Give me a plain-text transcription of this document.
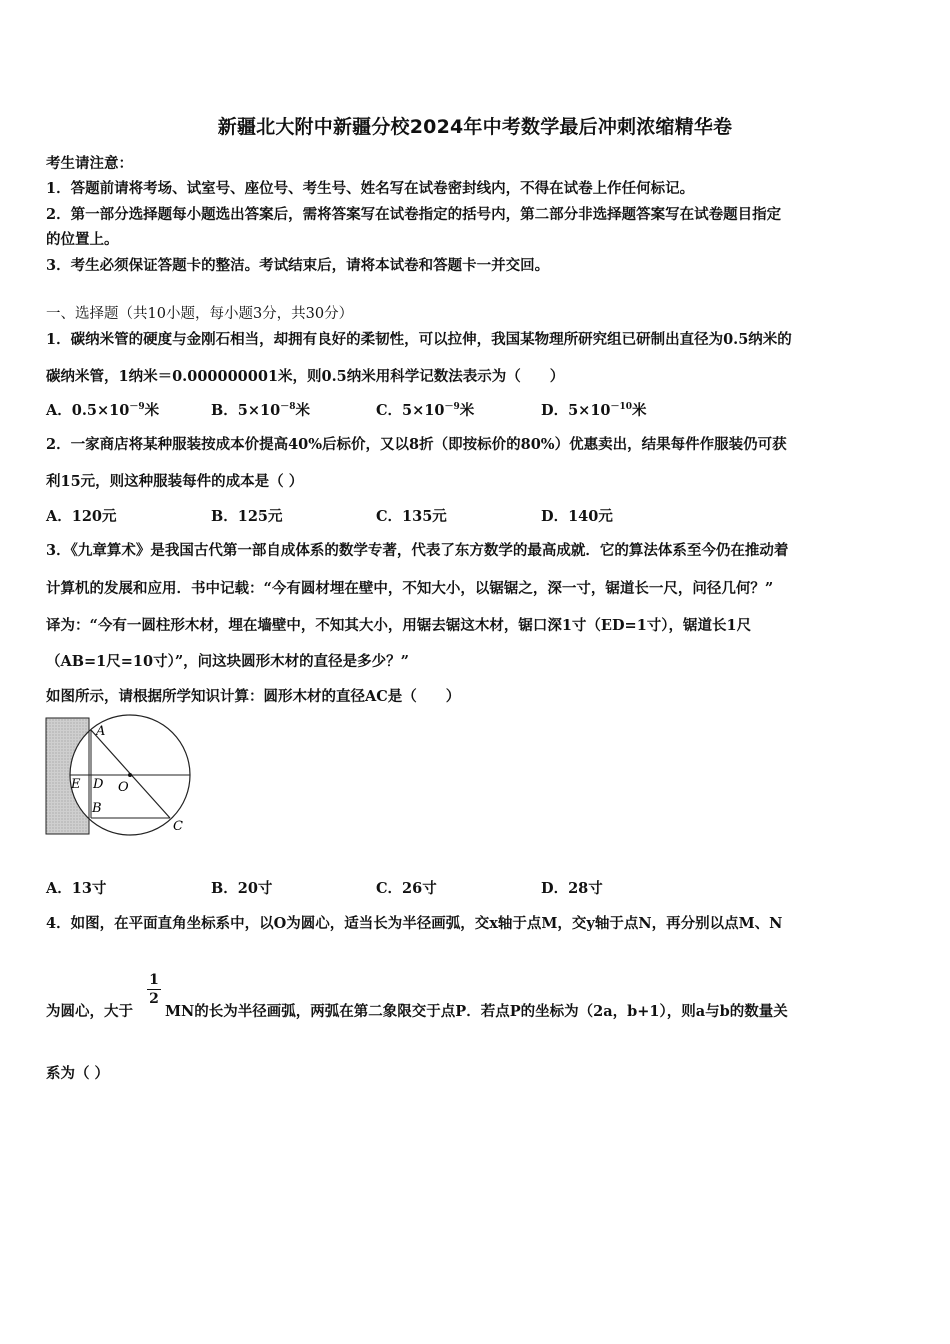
新疆北大附中新疆分校2024年中考数学最后冲刺浓缩精华卷
考生请注意：
1．答题前请将考场、试室号、座位号、考生号、姓名写在试卷密封线内，不得在试卷上作任何标记。
2．第一部分选择题每小题选出答案后，需将答案写在试卷指定的括号内，第二部分非选择题答案写在试卷题目指定
的位置上。
3．考生必须保证答题卡的整洁。考试结束后，请将本试卷和答题卡一并交回。
一、选择题（共10小题，每小题3分，共30分）
1．碳纳米管的硬度与金刚石相当，却拥有良好的柔韧性，可以拉伸，我国某物理所研究组已研制出直径为0.5纳米的
碳纳米管，1纳米＝0.000000001米，则0.5纳米用科学记数法表示为（　　）
A．$0.5\times 10^{-9}$米	B．$5\times 10^{-8}$米	C．$5\times 10^{-9}$米	D．$5\times 10^{-10}$米
2．一家商店将某种服装按成本价提高40%后标价，又以8折（即按标价的80%）优惠卖出，结果每件作服装仍可获
利15元，则这种服装每件的成本是（ ）
A．120元	B．125元	C．135元	D．140元
3．《九章算术》是我国古代第一部自成体系的数学专著，代表了东方数学的最高成就．它的算法体系至今仍在推动着
计算机的发展和应用．书中记载：“今有圆材埋在壁中，不知大小，以锯锯之，深一寸，锯道长一尺，问径几何？”
译为：“今有一圆柱形木材，埋在墙壁中，不知其大小，用锯去锯这木材，锯口深1寸（ED=1寸），锯道长1尺
（AB=1尺=10寸）”，问这块圆形木材的直径是多少？”
如图所示，请根据所学知识计算：圆形木材的直径AC是（　　）
A
E D O
B
C
A．13寸	B．20寸	C．26寸	D．28寸
4．如图，在平面直角坐标系中，以O为圆心，适当长为半径画弧，交x轴于点M，交y轴于点N，再分别以点M、N
为圆心，大于
1
2
MN的长为半径画弧，两弧在第二象限交于点P．若点P的坐标为（2a，b+1），则a与b的数量关
系为（ ）
